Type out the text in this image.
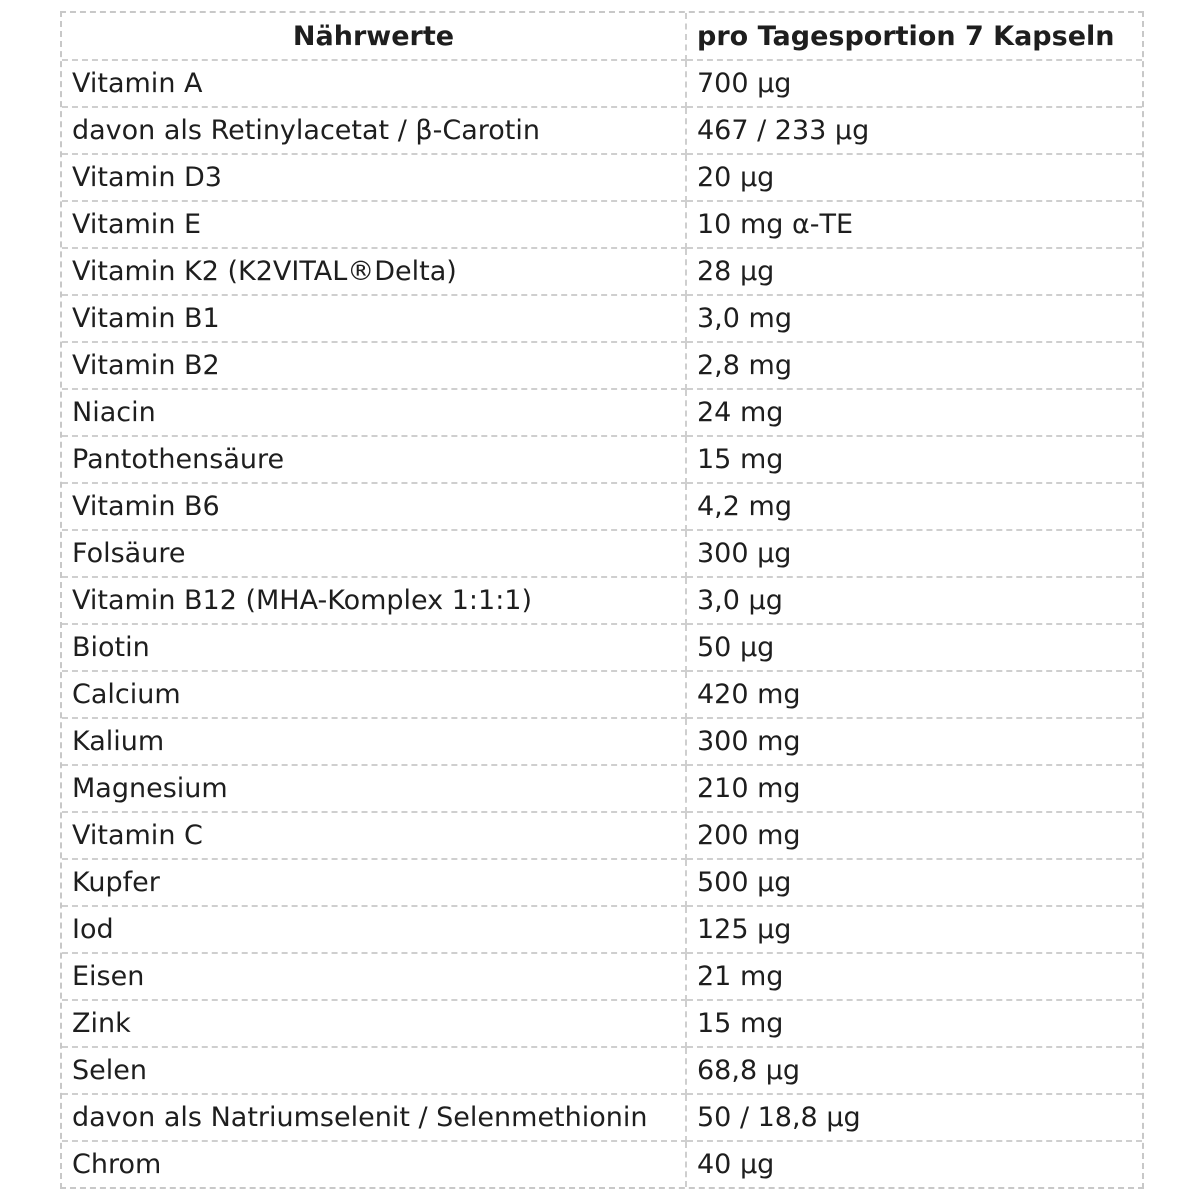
Nährwerte	pro Tagesportion 7 Kapseln
Vitamin A	700 µg
davon als Retinylacetat / β-Carotin	467 / 233 µg
Vitamin D3	20 µg
Vitamin E	10 mg α-TE
Vitamin K2 (K2VITAL®Delta)	28 µg
Vitamin B1	3,0 mg
Vitamin B2	2,8 mg
Niacin	24 mg
Pantothensäure	15 mg
Vitamin B6	4,2 mg
Folsäure	300 µg
Vitamin B12 (MHA-Komplex 1:1:1)	3,0 µg
Biotin	50 µg
Calcium	420 mg
Kalium	300 mg
Magnesium	210 mg
Vitamin C	200 mg
Kupfer	500 µg
Iod	125 µg
Eisen	21 mg
Zink	15 mg
Selen	68,8 µg
davon als Natriumselenit / Selenmethionin	50 / 18,8 µg
Chrom	40 µg
